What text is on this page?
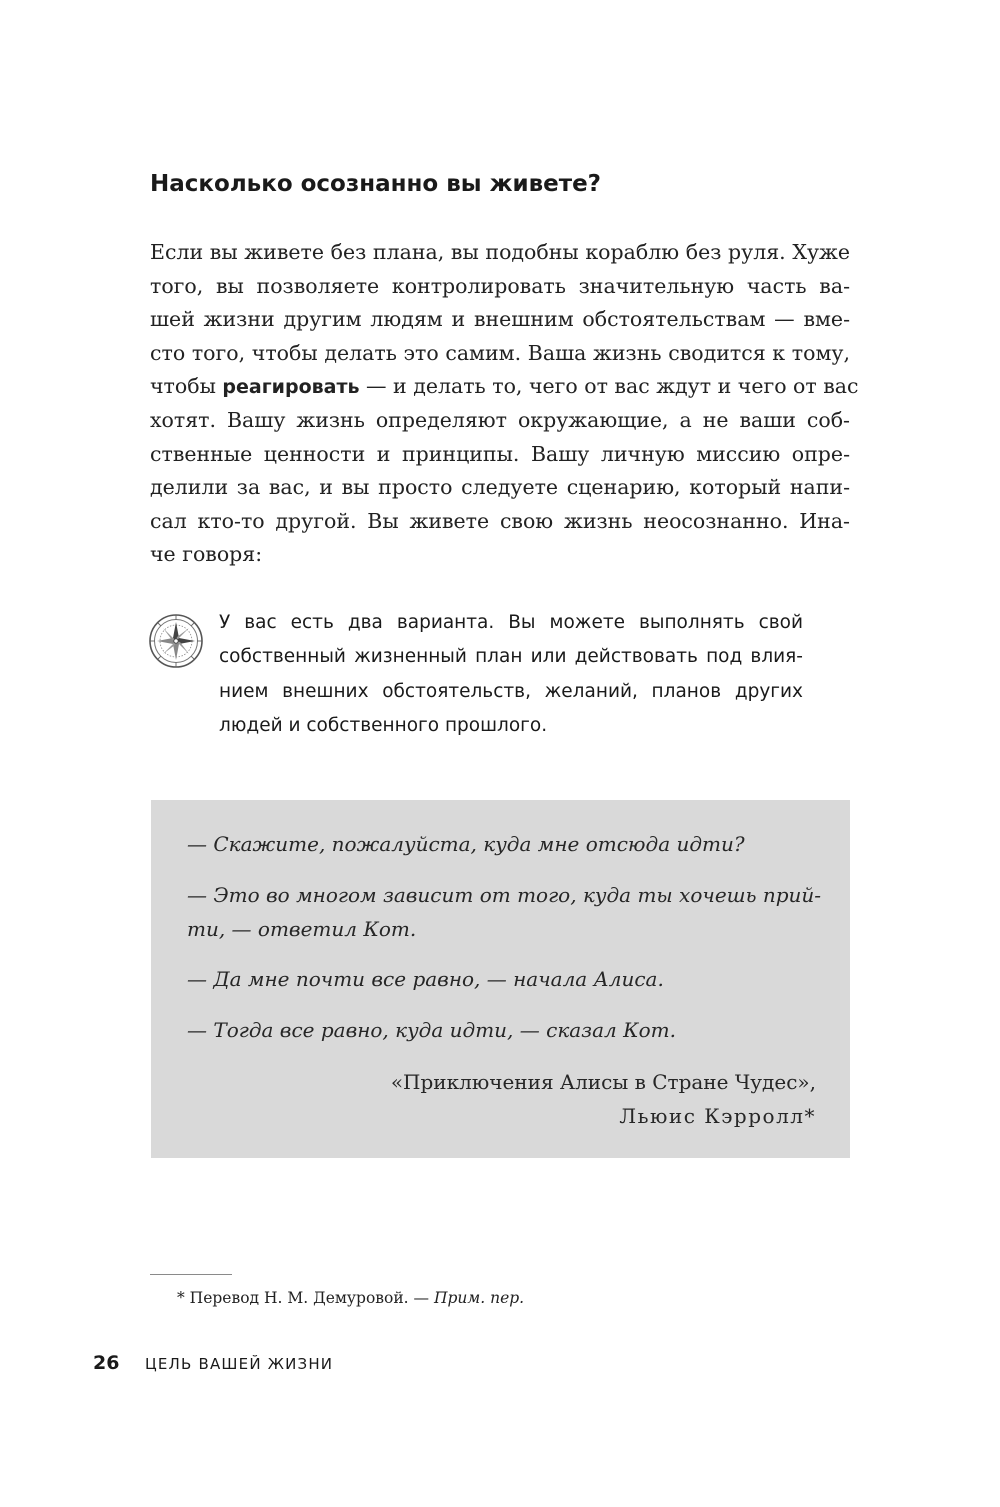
Насколько осознанно вы живете?
Если вы живете без плана, вы подобны кораблю без руля. Хуже
того, вы позволяете контролировать значительную часть ва-
шей жизни другим людям и внешним обстоятельствам — вме-
сто того, чтобы делать это самим. Ваша жизнь сводится к тому,
чтобы реагировать — и делать то, чего от вас ждут и чего от вас
хотят. Вашу жизнь определяют окружающие, а не ваши соб-
ственные ценности и принципы. Вашу личную миссию опре-
делили за вас, и вы просто следуете сценарию, который напи-
сал кто-то другой. Вы живете свою жизнь неосознанно. Ина-
че говоря:
У вас есть два варианта. Вы можете выполнять свой
собственный жизненный план или действовать под влия-
нием внешних обстоятельств, желаний, планов других
людей и собственного прошлого.
— Скажите, пожалуйста, куда мне отсюда идти?
— Это во многом зависит от того, куда ты хочешь прий-
ти, — ответил Кот.
— Да мне почти все равно, — начала Алиса.
— Тогда все равно, куда идти, — сказал Кот.
«Приключения Алисы в Стране Чудес»,
Льюис Кэрролл*
* Перевод Н. М. Демуровой. — Прим. пер.
26 ЦЕЛЬ ВАШЕЙ ЖИЗНИ
